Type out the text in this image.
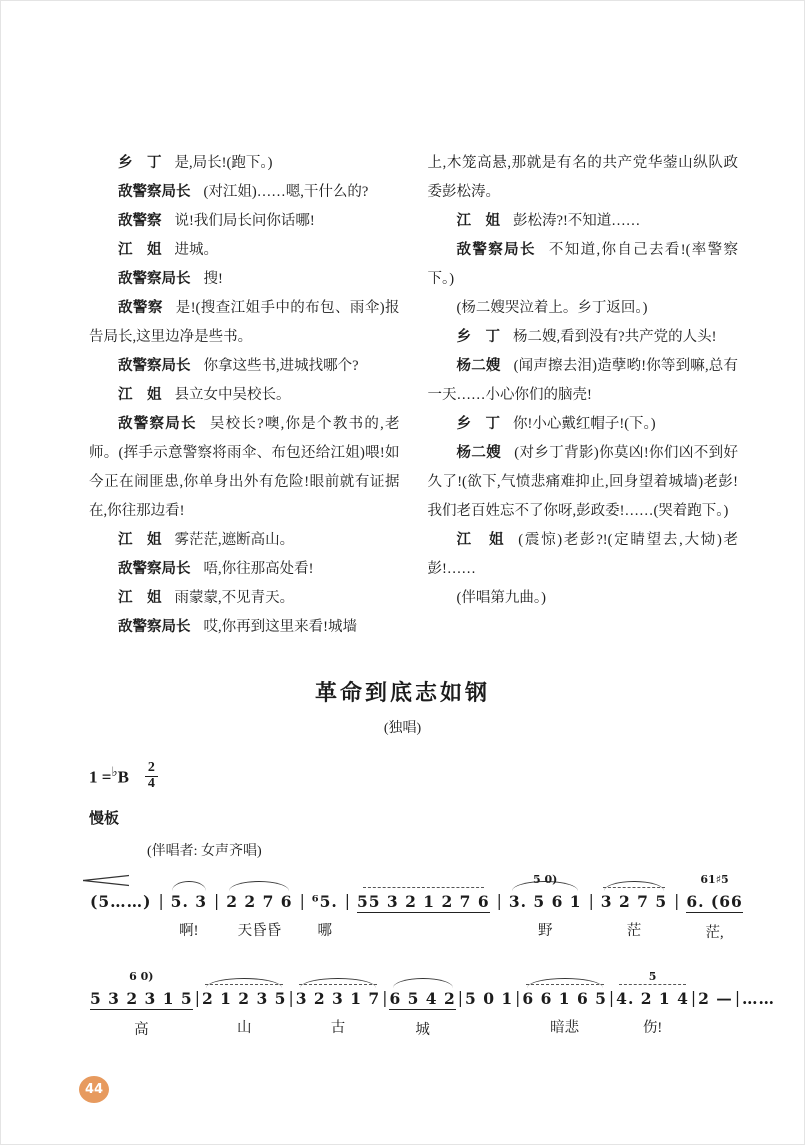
乡　丁 是,局长!(跑下。)

敌警察局长 (对江姐)……嗯,干什么的?

敌警察 说!我们局长问你话哪!

江　姐 进城。

敌警察局长 搜!

敌警察 是!(搜查江姐手中的布包、雨伞)报告局长,这里边净是些书。

敌警察局长 你拿这些书,进城找哪个?

江　姐 县立女中吴校长。

敌警察局长 吴校长?噢,你是个教书的,老师。(挥手示意警察将雨伞、布包还给江姐)喂!如今正在闹匪患,你单身出外有危险!眼前就有证据在,你往那边看!

江　姐 雾茫茫,遮断高山。

敌警察局长 唔,你往那高处看!

江　姐 雨蒙蒙,不见青天。

敌警察局长 哎,你再到这里来看!城墙

上,木笼高悬,那就是有名的共产党华蓥山纵队政委彭松涛。

江　姐 彭松涛?!不知道……

敌警察局长 不知道,你自己去看!(率警察下。)

(杨二嫂哭泣着上。乡丁返回。)

乡　丁 杨二嫂,看到没有?共产党的人头!

杨二嫂 (闻声擦去泪)造孽哟!你等到嘛,总有一天……小心你们的脑壳!

乡　丁 你!小心戴红帽子!(下。)

杨二嫂 (对乡丁背影)你莫凶!你们凶不到好久了!(欲下,气愤悲痛难抑止,回身望着城墙)老彭!我们老百姓忘不了你呀,彭政委!……(哭着跑下。)

江　姐 (震惊)老彭?!(定睛望去,大恸)老彭!……

(伴唱第九曲。)

革命到底志如钢
(独唱)
$1 =^♭B \frac{2}{4}$
慢板
(伴唱者: 女声齐唱)
(5……) | 5. 3
啊!
| 2 2 7 6
天昏昏
| ⁶5.
哪
| 55 3 2 1 2 7 6 |
5 0)
3. 5 6 1
野
| 3 2 7 5
茫
|
61♯5
6. (66
茫,
6 0)
5 3 2 3 1 5
高
| 2 1 2 3 5
山
| 3 2 3 1 7
古
| 6 5 4 2
城
| 5 0 1 | 6 6 1 6 5
暗悲
|
5
4. 2 1 4
伤!
| 2 — | ……
44
